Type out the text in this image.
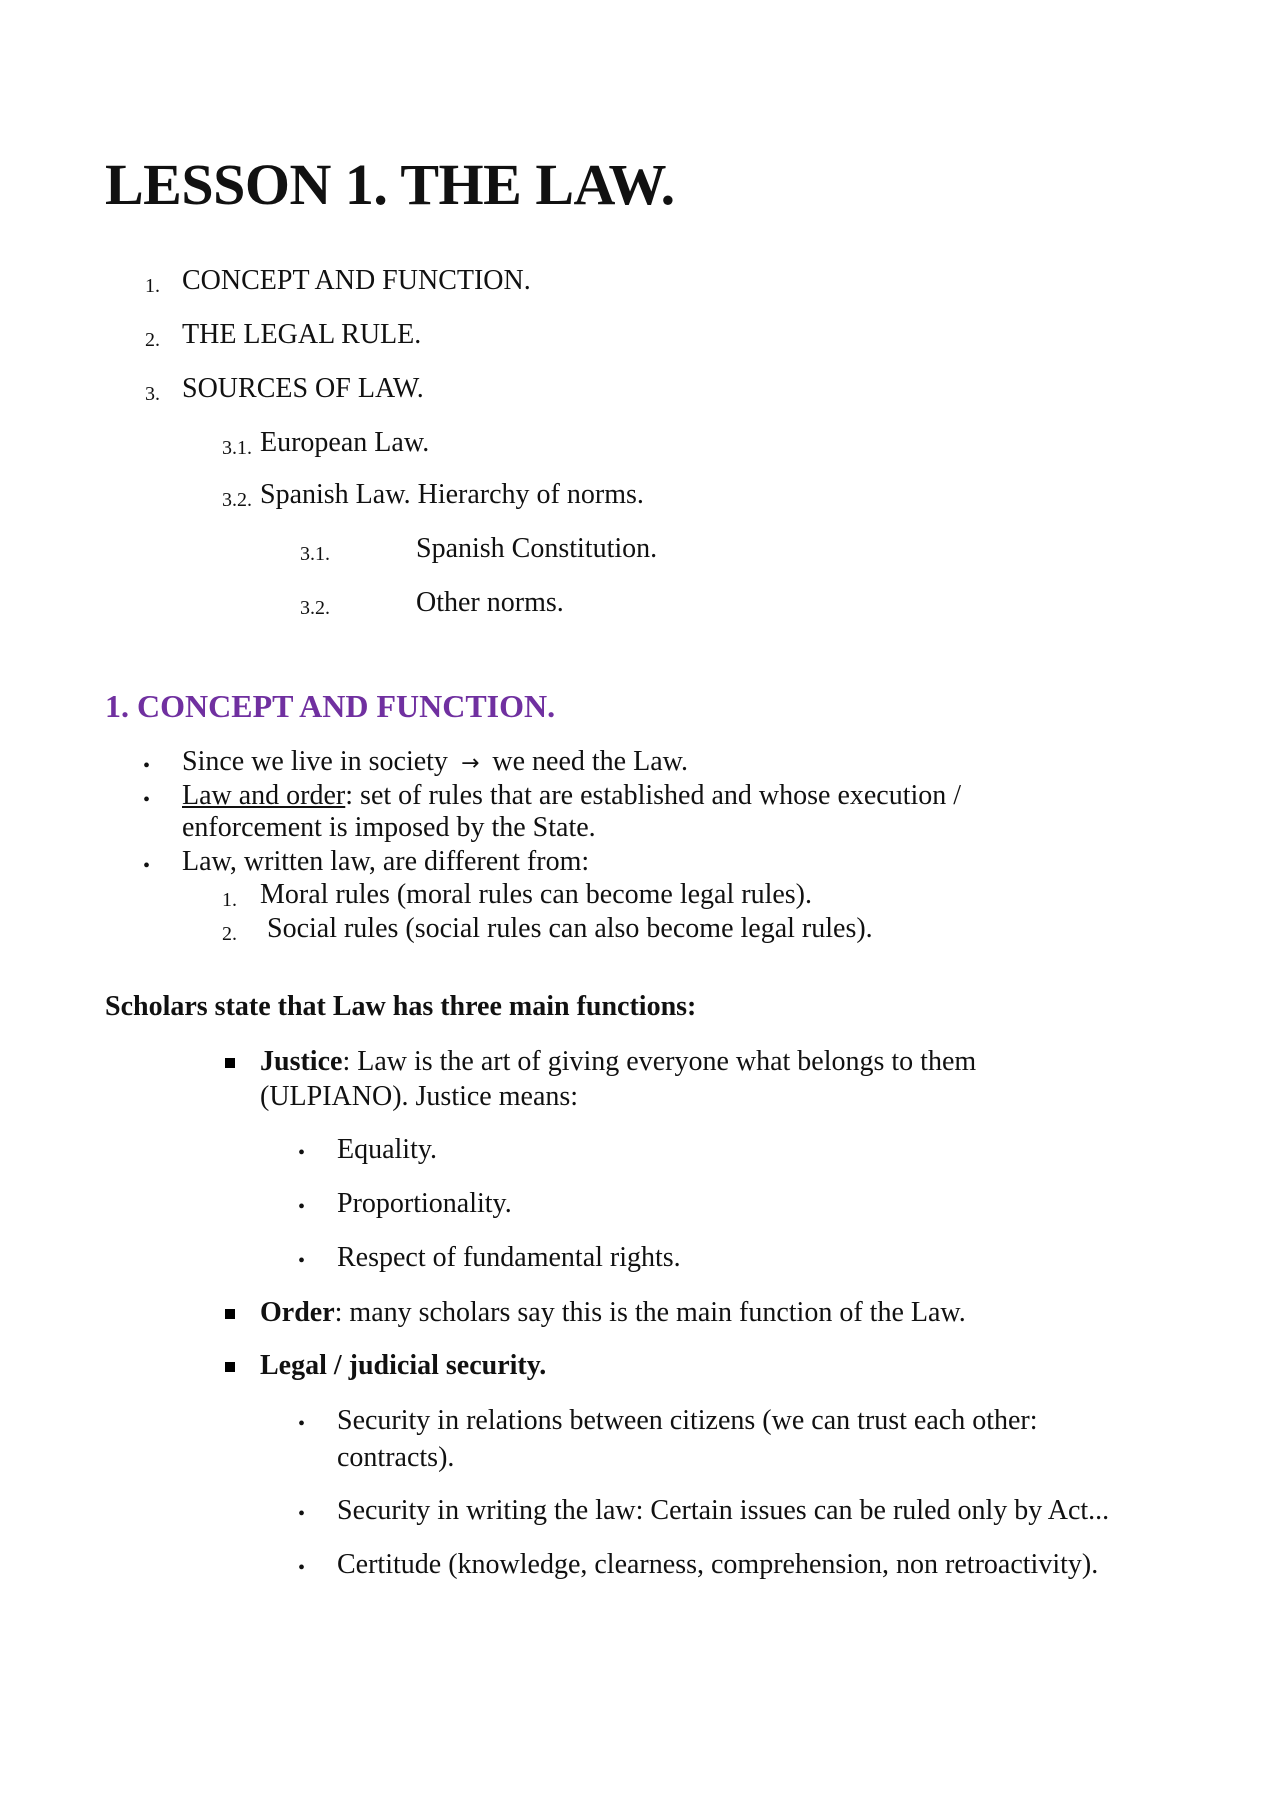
LESSON 1. THE LAW.
1. CONCEPT AND FUNCTION.
2. THE LEGAL RULE.
3. SOURCES OF LAW.
3.1. European Law.
3.2. Spanish Law. Hierarchy of norms.
3.1.	Spanish Constitution.
3.2.	Other norms.
1. CONCEPT AND FUNCTION.
• Since we live in society → we need the Law.
• Law and order: set of rules that are established and whose execution /
enforcement is imposed by the State.
• Law, written law, are different from:
1. Moral rules (moral rules can become legal rules).
2. Social rules (social rules can also become legal rules).
Scholars state that Law has three main functions:
Justice: Law is the art of giving everyone what belongs to them
(ULPIANO). Justice means:
• Equality.
• Proportionality.
• Respect of fundamental rights.
Order: many scholars say this is the main function of the Law.
Legal / judicial security.
• Security in relations between citizens (we can trust each other:
contracts).
• Security in writing the law: Certain issues can be ruled only by Act...
• Certitude (knowledge, clearness, comprehension, non retroactivity).
